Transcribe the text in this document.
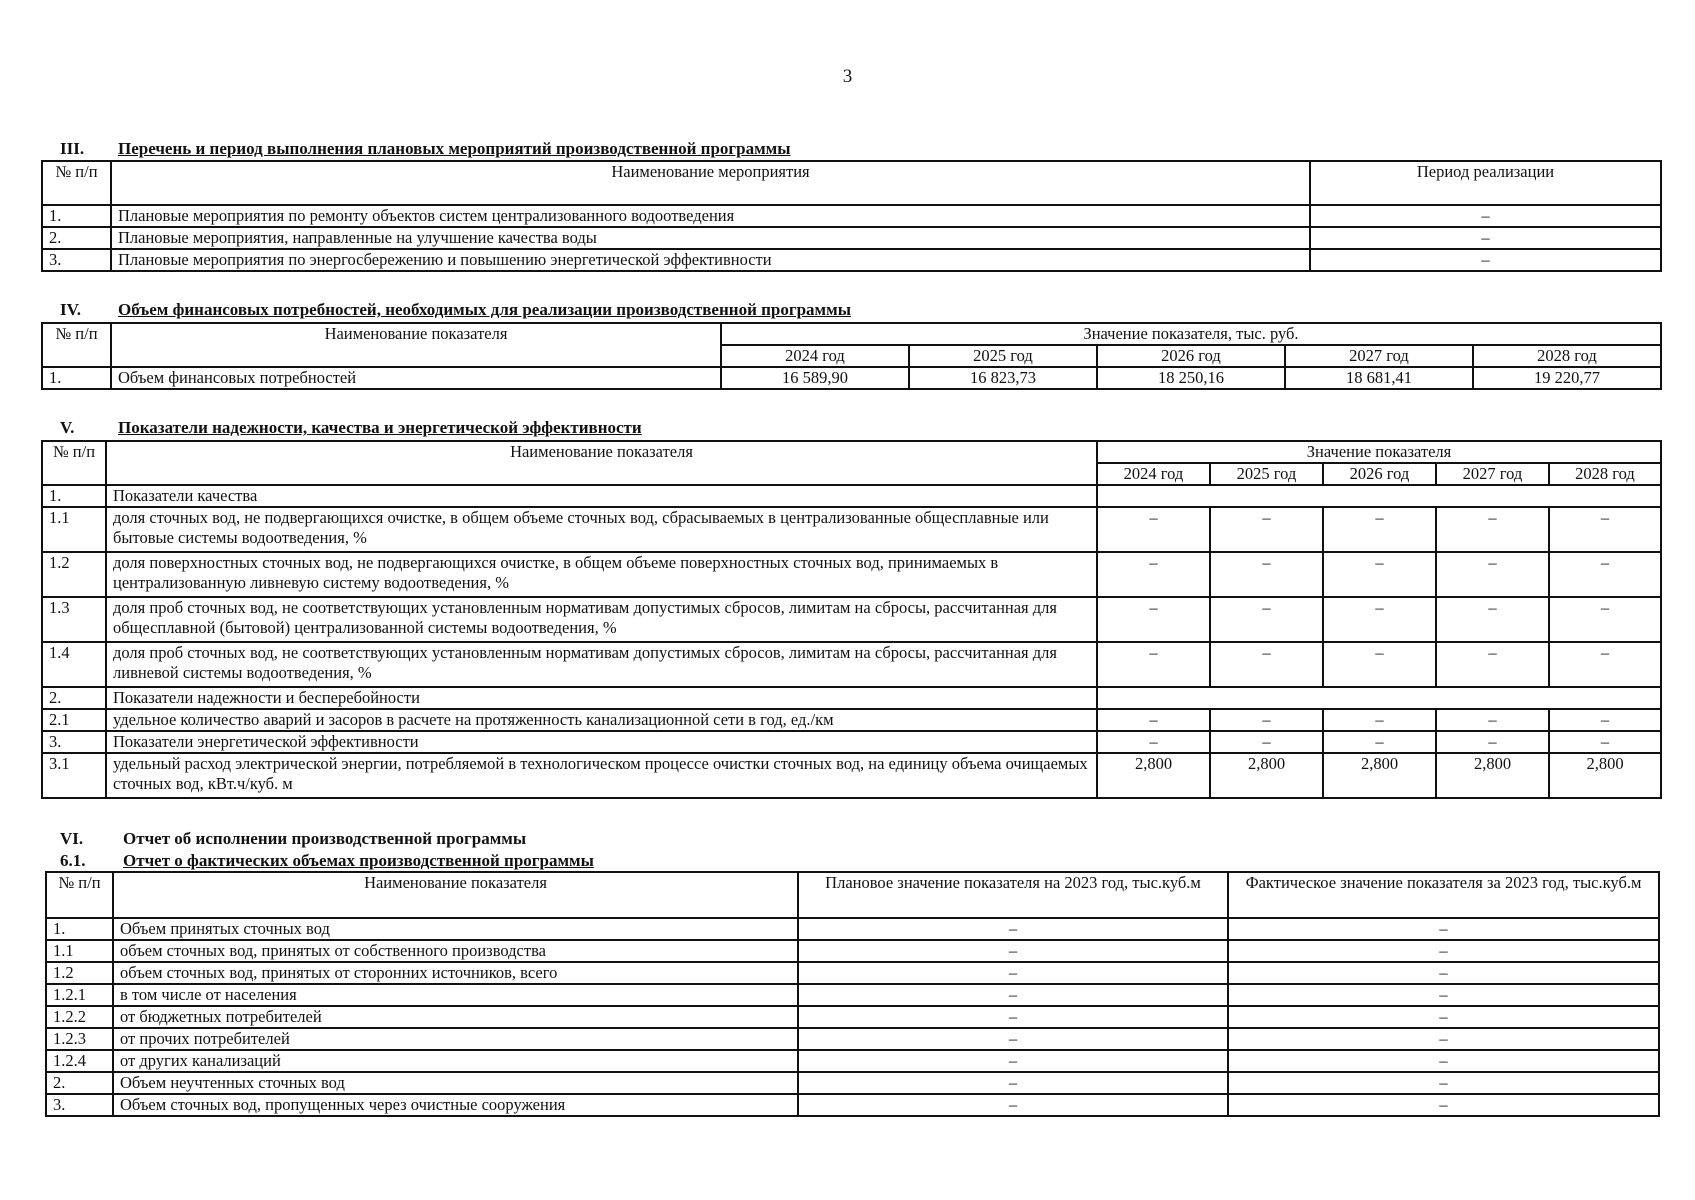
3
III. Перечень и период выполнения плановых мероприятий производственной программы
№ п/п	Наименование мероприятия	Период реализации
1.	Плановые мероприятия по ремонту объектов систем централизованного водоотведения	–
2.	Плановые мероприятия, направленные на улучшение качества воды	–
3.	Плановые мероприятия по энергосбережению и повышению энергетической эффективности	–
IV. Объем финансовых потребностей, необходимых для реализации производственной программы
№ п/п	Наименование показателя	Значение показателя, тыс. руб.				
		2024 год	2025 год	2026 год	2027 год	2028 год
1.	Объем финансовых потребностей	16 589,90	16 823,73	18 250,16	18 681,41	19 220,77
V.	Показатели надежности, качества и энергетической эффективности
№ п/п	Наименование показателя	Значение показателя				
		2024 год	2025 год	2026 год	2027 год	2028 год
1.	Показатели качества					
1.1	доля сточных вод, не подвергающихся очистке, в общем объеме сточных вод, сбрасываемых в централизованные общесплавные или бытовые системы водоотведения, %	–	–	–	–	–
1.2	доля поверхностных сточных вод, не подвергающихся очистке, в общем объеме поверхностных сточных вод, принимаемых в централизованную ливневую систему водоотведения, %	–	–	–	–	–
1.3	доля проб сточных вод, не соответствующих установленным нормативам допустимых сбросов, лимитам на сбросы, рассчитанная для общесплавной (бытовой) централизованной системы водоотведения, %	–	–	–	–	–
1.4	доля проб сточных вод, не соответствующих установленным нормативам допустимых сбросов, лимитам на сбросы, рассчитанная для ливневой системы водоотведения, %	–	–	–	–	–
2.	Показатели надежности и бесперебойности					
2.1	удельное количество аварий и засоров в расчете на протяженность канализационной сети в год, ед./км	–	–	–	–	–
3.	Показатели энергетической эффективности	–	–	–	–	–
3.1	удельный расход электрической энергии, потребляемой в технологическом процессе очистки сточных вод, на единицу объема очищаемых сточных вод, кВт.ч/куб. м	2,800	2,800	2,800	2,800	2,800
VI. Отчет об исполнении производственной программы
6.1. Отчет о фактических объемах производственной программы
№ п/п	Наименование показателя	Плановое значение показателя на 2023 год, тыс.куб.м	Фактическое значение показателя за 2023 год, тыс.куб.м
1.	Объем принятых сточных вод	–	–
1.1	объем сточных вод, принятых от собственного производства	–	–
1.2	объем сточных вод, принятых от сторонних источников, всего	–	–
1.2.1	в том числе от населения	–	–
1.2.2	от бюджетных потребителей	–	–
1.2.3	от прочих потребителей	–	–
1.2.4	от других канализаций	–	–
2.	Объем неучтенных сточных вод	–	–
3.	Объем сточных вод, пропущенных через очистные сооружения	–	–
